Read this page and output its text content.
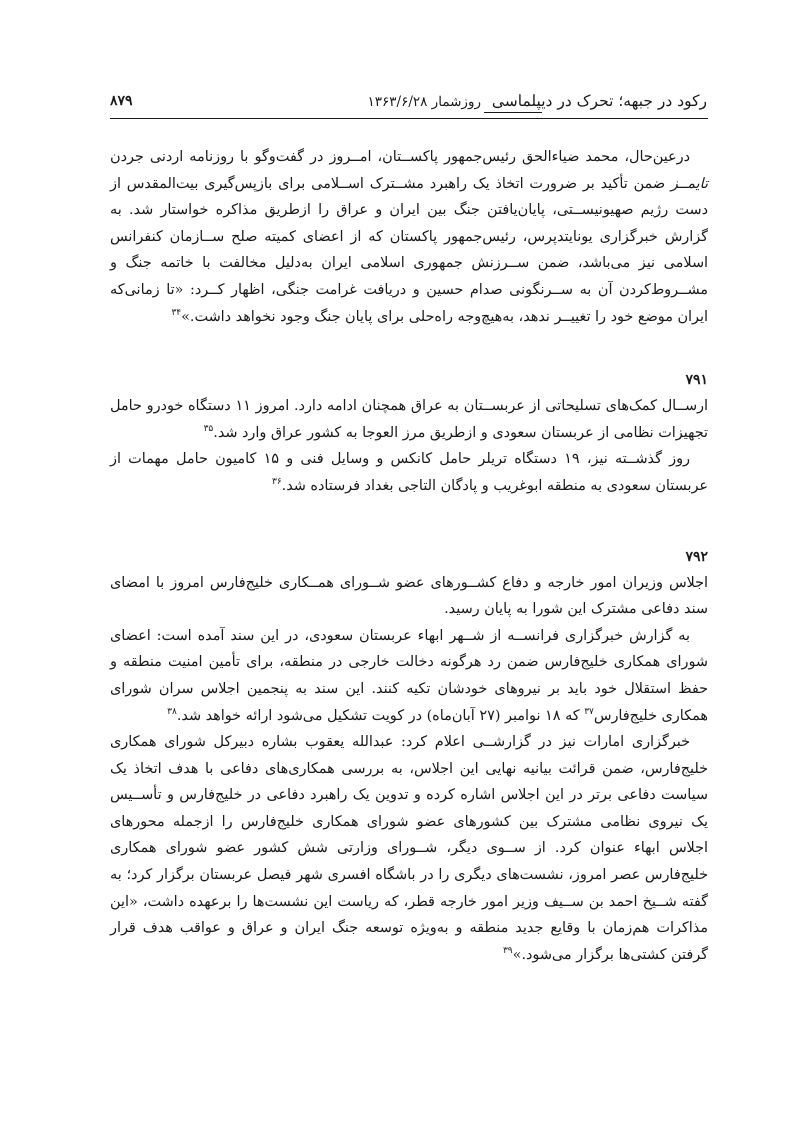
رکود در جبهه؛ تحرک در دیپلماسی
روزشمار ۱۳۶۳/۶/۲۸
۸۷۹

درعین‌حال، محمد ضیاءالحق رئیس‌جمهور پاکســتان، امــروز در گفت‌وگو با روزنامه اردنی جردن تایمــز ضمن تأکید بر ضرورت اتخاذ یک راهبرد مشــترک اســلامی برای بازپس‌گیری بیت‌المقدس از دست رژیم صهیونیســتی، پایان‌یافتن جنگ بین ایران و عراق را ازطریق مذاکره خواستار شد. به گزارش خبرگزاری یونایتدپرس، رئیس‌جمهور پاکستان که از اعضای کمیته صلح ســازمان کنفرانس اسلامی نیز می‌باشد، ضمن ســرزنش جمهوری اسلامی ایران به‌دلیل مخالفت با خاتمه جنگ و مشــروط‌کردن آن به ســرنگونی صدام حسین و دریافت غرامت جنگی، اظهار کــرد: «تا زمانی‌که ایران موضع خود را تغییــر ندهد، به‌هیچ‌وجه راه‌حلی برای پایان جنگ وجود نخواهد داشت.»$^{۳۴}$

۷۹۱

ارســال کمک‌های تسلیحاتی از عربســتان به عراق همچنان ادامه دارد. امروز ۱۱ دستگاه خودرو حامل تجهیزات نظامی از عربستان سعودی و ازطریق مرز العوجا به کشور عراق وارد شد.$^{۳۵}$

روز گذشــته نیز، ۱۹ دستگاه تریلر حامل کانکس و وسایل فنی و ۱۵ کامیون حامل مهمات از عربستان سعودی به منطقه ابوغریب و پادگان التاجی بغداد فرستاده شد.$^{۳۶}$

۷۹۲

اجلاس وزیران امور خارجه و دفاع کشــورهای عضو شــورای همــکاری خلیج‌فارس امروز با امضای سند دفاعی مشترک این شورا به پایان رسید.

به گزارش خبرگزاری فرانســه از شــهر ابهاء عربستان سعودی، در این سند آمده است: اعضای شورای همکاری خلیج‌فارس ضمن رد هرگونه دخالت خارجی در منطقه، برای تأمین امنیت منطقه و حفظ استقلال خود باید بر نیروهای خودشان تکیه کنند. این سند به پنجمین اجلاس سران شورای همکاری خلیج‌فارس$^{۳۷}$ که ۱۸ نوامبر (۲۷ آبان‌ماه) در کویت تشکیل می‌شود ارائه خواهد شد.$^{۳۸}$

خبرگزاری امارات نیز در گزارشــی اعلام کرد: عبدالله یعقوب بشاره دبیرکل شورای همکاری خلیج‌فارس، ضمن قرائت بیانیه نهایی این اجلاس، به بررسی همکاری‌های دفاعی با هدف اتخاذ یک سیاست دفاعی برتر در این اجلاس اشاره کرده و تدوین یک راهبرد دفاعی در خلیج‌فارس و تأســیس یک نیروی نظامی مشترک بین کشورهای عضو شورای همکاری خلیج‌فارس را ازجمله محورهای اجلاس ابهاء عنوان کرد. از ســوی دیگر، شــورای وزارتی شش کشور عضو شورای همکاری خلیج‌فارس عصر امروز، نشست‌های دیگری را در باشگاه افسری شهر فیصل عربستان برگزار کرد؛ به گفته شــیخ احمد بن ســیف وزیر امور خارجه قطر، که ریاست این نشست‌ها را برعهده داشت، «این مذاکرات هم‌زمان با وقایع جدید منطقه و به‌ویژه توسعه جنگ ایران و عراق و عواقب هدف قرار گرفتن کشتی‌ها برگزار می‌شود.»$^{۳۹}$
